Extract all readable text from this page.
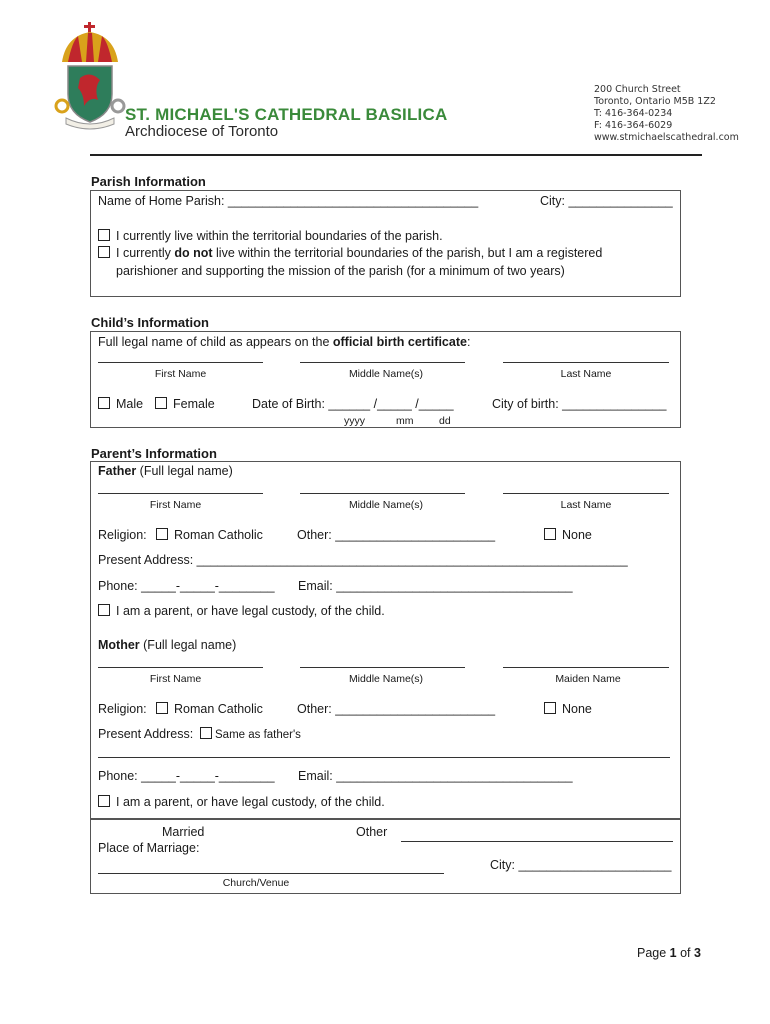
ST. MICHAEL'S CATHEDRAL BASILICA
Archdiocese of Toronto
200 Church Street
Toronto, Ontario M5B 1Z2
T: 416-364-0234
F: 416-364-6029
www.stmichaelscathedral.com
Parish Information
Name of Home Parish: ____________________________________	City: _______________
I currently live within the territorial boundaries of the parish.
I currently do not live within the territorial boundaries of the parish, but I am a registered
parishioner and supporting the mission of the parish (for a minimum of two years)
Child’s Information
Full legal name of child as appears on the official birth certificate:
First Name	Middle Name(s)	Last Name
Male	Female	Date of Birth: ______ /_____ /_____
yyyy	mm dd
City of birth: _______________
Parent’s Information
Father (Full legal name)
First Name	Middle Name(s)	Last Name
Religion:	Roman Catholic	Other: _______________________	None
Present Address: ______________________________________________________________
Phone: _____-_____-________ Email: __________________________________
I am a parent, or have legal custody, of the child.
Mother (Full legal name)
First Name	Middle Name(s)	Maiden Name
Religion:	Roman Catholic	Other: _______________________	None
Present Address:	Same as father's
Phone: _____-_____-________ Email: __________________________________
I am a parent, or have legal custody, of the child.
Married	Other
Place of Marriage:
City: ______________________
Church/Venue
Page 1 of 3
